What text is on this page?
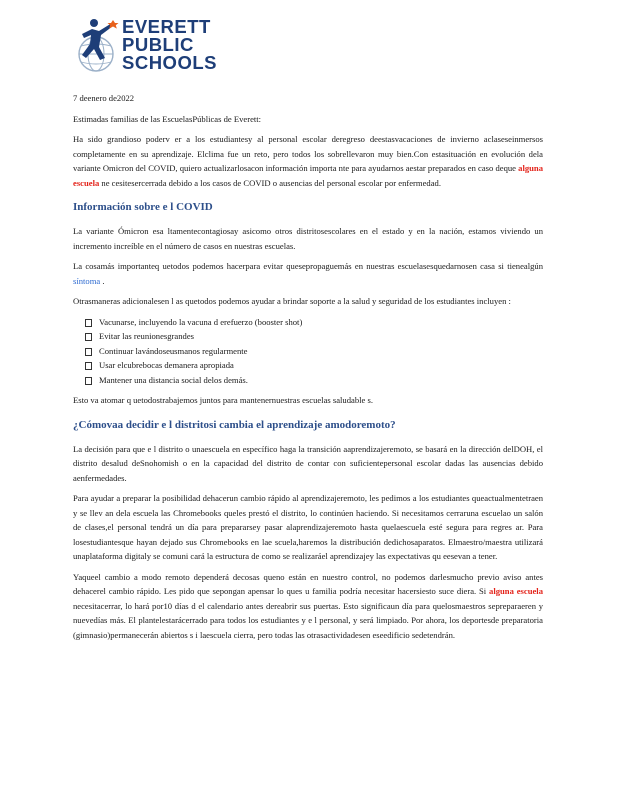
EVERETT
PUBLIC
SCHOOLS

7 deenero de2022

Estimadas familias de las EscuelasPúblicas de Everett:

Ha sido grandioso poderv er a los estudiantesy al personal escolar deregreso deestasvacaciones de invierno aclaseseinmersos completamente en su aprendizaje. Elclima fue un reto, pero todos los sobrellevaron muy bien.Con estasituación en evolución dela variante Omicron del COVID, quiero actualizarlosacon información importa nte para ayudarnos aestar preparados en caso deque alguna escuela ne cesitesercerrada debido a los casos de COVID o ausencias del personal escolar por enfermedad.

Información sobre e l COVID

La variante Ómicron esa ltamentecontagiosay asicomo otros distritosescolares en el estado y en la nación, estamos viviendo un incremento increíble en el número de casos en nuestras escuelas.

La cosamás importanteq uetodos podemos hacerpara evitar quesepropaguemás en nuestras escuelasesquedarnosen casa si tienealgún síntoma .

Otrasmaneras adicionalesen l as quetodos podemos ayudar a brindar soporte a la salud y seguridad de los estudiantes incluyen :

Vacunarse, incluyendo la vacuna d erefuerzo (booster shot)
Evitar las reunionesgrandes
Continuar lavándoseusmanos regularmente
Usar elcubrebocas demanera apropiada
Mantener una distancia social delos demás.

Esto va atomar q uetodostrabajemos juntos para mantenernuestras escuelas saludable s.

¿Cómovaa decidir e l distritosi cambia el aprendizaje amodoremoto?

La decisión para que e l distrito o unaescuela en específico haga la transición aaprendizajeremoto, se basará en la dirección delDOH, el distrito desalud deSnohomish o en la capacidad del distrito de contar con suficientepersonal escolar dadas las ausencias debido aenfermedades.

Para ayudar a preparar la posibilidad dehacerun cambio rápido al aprendizajeremoto, les pedimos a los estudiantes queactualmentetraen y se llev an dela escuela las Chromebooks queles prestó el distrito, lo continúen haciendo. Si necesitamos cerraruna escuelao un salón de clases,el personal tendrá un día para prepararsey pasar alaprendizajeremoto hasta quelaescuela esté segura para regres ar. Para losestudiantesque hayan dejado sus Chromebooks en lae scuela,haremos la distribución dedichosaparatos. Elmaestro/maestra utilizará unaplataforma digitaly se comuni cará la estructura de como se realizaráel aprendizajey las expectativas qu eesevan a tener.

Yaqueel cambio a modo remoto dependerá decosas queno están en nuestro control, no podemos darlesmucho previo aviso antes dehacerel cambio rápido. Les pido que sepongan apensar lo ques u familia podría necesitar hacersiesto suce diera. Si alguna escuela necesitacerrar, lo hará por10 días d el calendario antes dereabrir sus puertas. Esto significaun día para quelosmaestros sepreparaeren y nuevedías más. El plantelestarácerrado para todos los estudiantes y e l personal, y será limpiado. Por ahora, los deportesde preparatoria (gimnasio)permanecerán abiertos s i laescuela cierra, pero todas las otrasactividadesen eseedificio sedetendrán.
